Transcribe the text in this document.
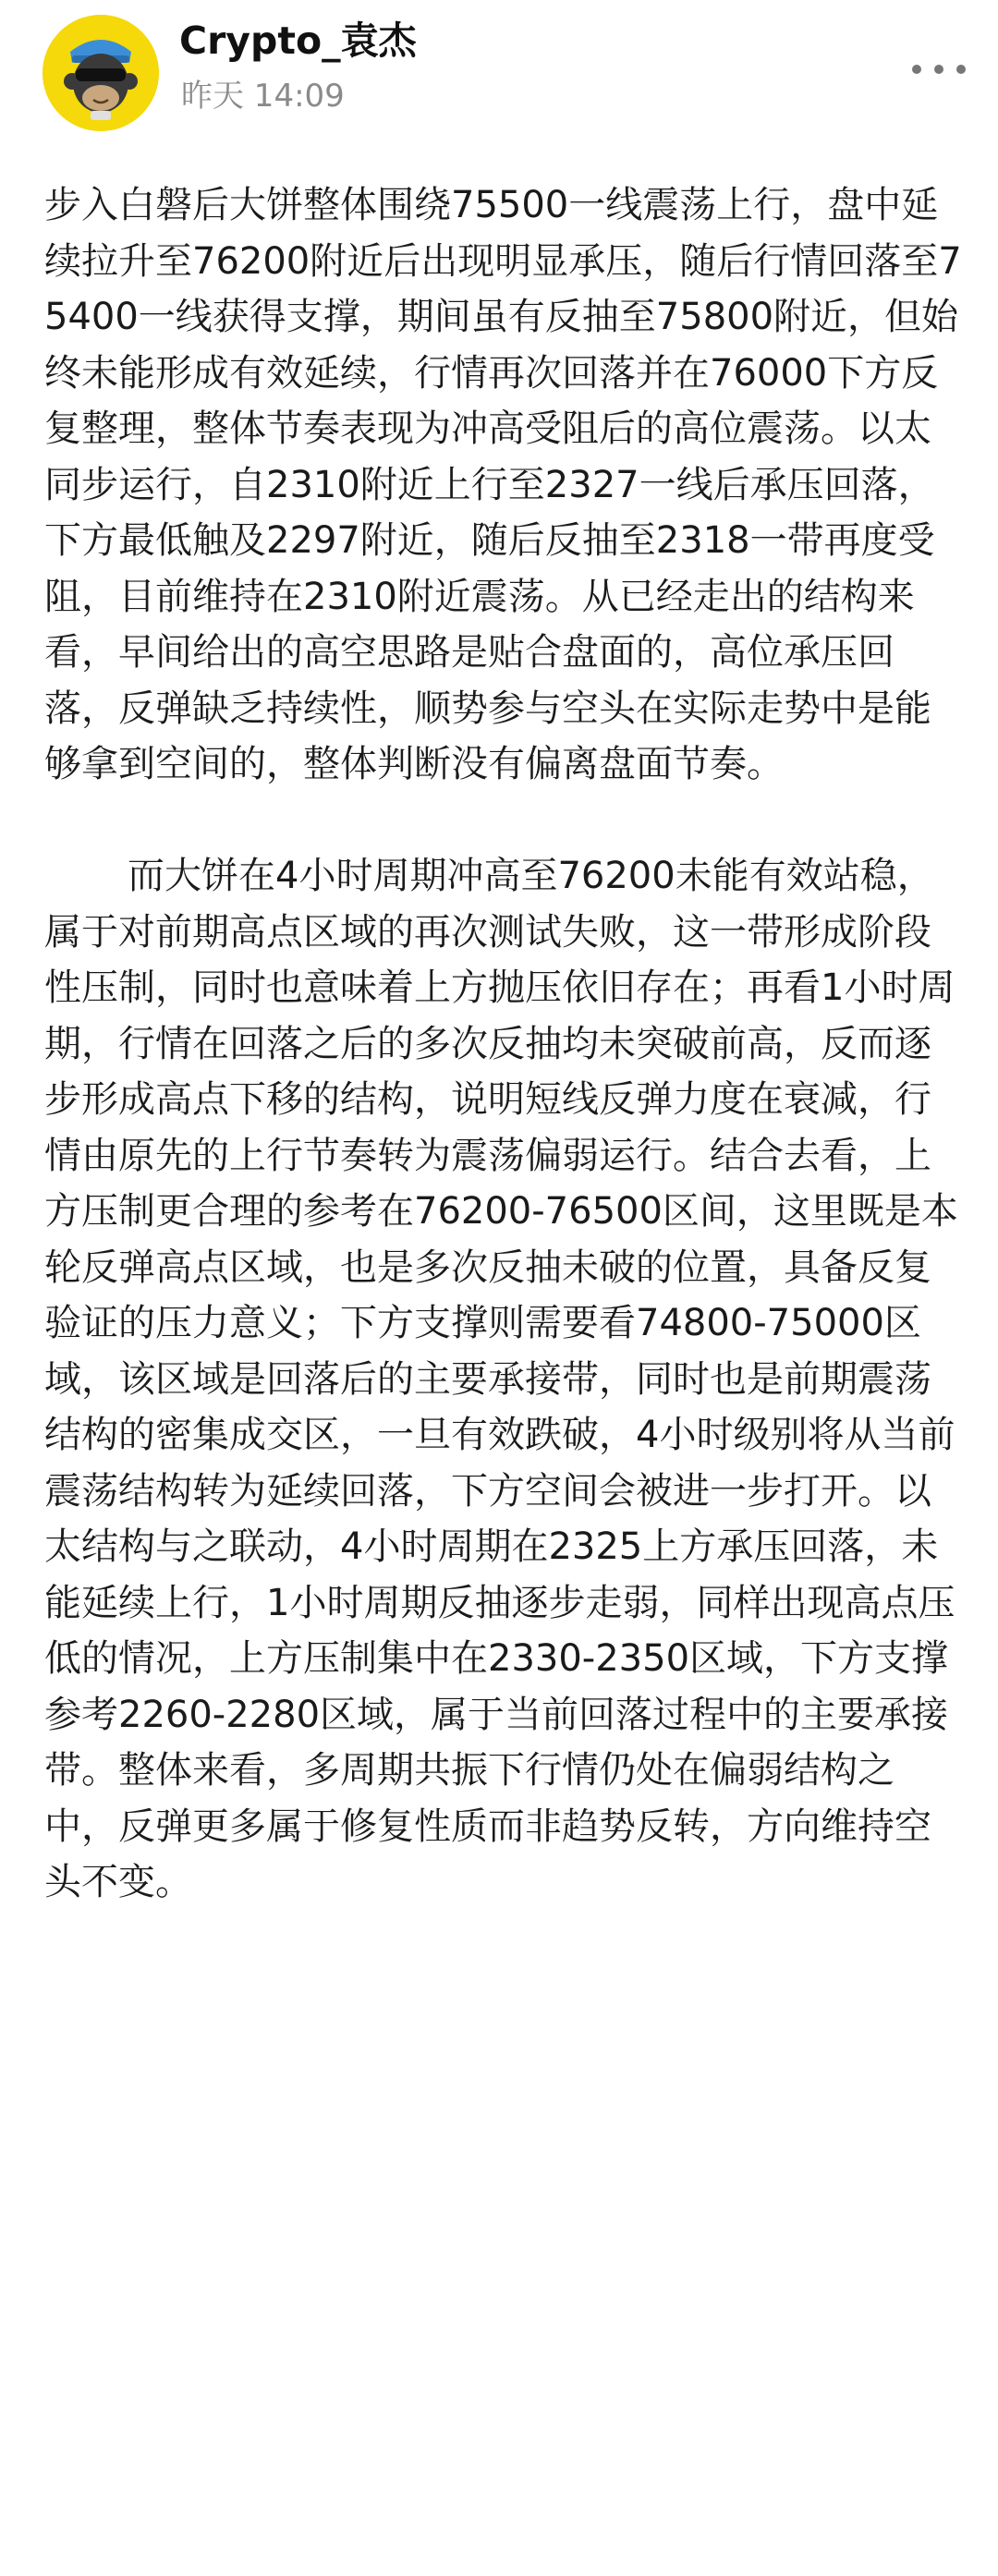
Crypto_袁杰
昨天 14:09

步入白磐后大饼整体围绕75500一线震荡上行，盘中延续拉升至76200附近后出现明显承压，随后行情回落至75400一线获得支撑，期间虽有反抽至75800附近，但始终未能形成有效延续，行情再次回落并在76000下方反复整理，整体节奏表现为冲高受阻后的高位震荡。以太同步运行，自2310附近上行至2327一线后承压回落，下方最低触及2297附近，随后反抽至2318一带再度受阻，目前维持在2310附近震荡。从已经走出的结构来看，早间给出的高空思路是贴合盘面的，高位承压回落，反弹缺乏持续性，顺势参与空头在实际走势中是能够拿到空间的，整体判断没有偏离盘面节奏。

而大饼在4小时周期冲高至76200未能有效站稳，属于对前期高点区域的再次测试失败，这一带形成阶段性压制，同时也意味着上方抛压依旧存在；再看1小时周期，行情在回落之后的多次反抽均未突破前高，反而逐步形成高点下移的结构，说明短线反弹力度在衰减，行情由原先的上行节奏转为震荡偏弱运行。结合去看，上方压制更合理的参考在76200-76500区间，这里既是本轮反弹高点区域，也是多次反抽未破的位置，具备反复验证的压力意义；下方支撑则需要看74800-75000区域，该区域是回落后的主要承接带，同时也是前期震荡结构的密集成交区，一旦有效跌破，4小时级别将从当前震荡结构转为延续回落，下方空间会被进一步打开。以太结构与之联动，4小时周期在2325上方承压回落，未能延续上行，1小时周期反抽逐步走弱，同样出现高点压低的情况，上方压制集中在2330-2350区域，下方支撑参考2260-2280区域，属于当前回落过程中的主要承接带。整体来看，多周期共振下行情仍处在偏弱结构之中，反弹更多属于修复性质而非趋势反转，方向维持空头不变。
